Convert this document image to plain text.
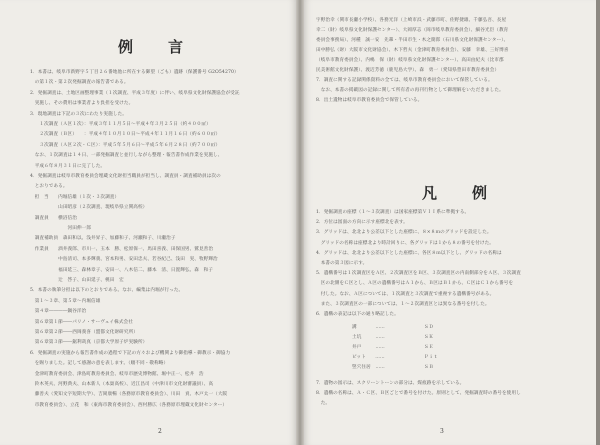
例　言
1．本書は、岐阜市新野字５丁目２６番地他に所在する御望（ごも）遺跡（保護番号 G2O54270）
　の第１次・第２次発掘調査の報告書である。
2．発掘調査は、土地区画整理事業（１次調査、平成３年度）に伴い、岐阜県文化財保護協会が受託
　実施し、その費用は事業者より負担を受けた。
3．現地調査は下記の３次にわたり実施した。
　　１次調査（Ａ区１次）：平成３年１１月５日～平成４年３月２５日（約４００㎡）
　　２次調査（Ｂ区）　　：平成４年１０月１０日～平成４年１１月１６日（約６００㎡）
　　３次調査（Ａ区２次・Ｃ区）：平成５年５月６日～平成５年６月２８日（約７００㎡）
　なお、１次調査は１４日、一部発掘調査と並行しながら整理・報告書作成作業を実施し、
　平成６年８月３１日に完了した。
4．発掘調査は岐阜市教育委員会埋蔵文化財担当職員が担当し、調査員・調査補助員は次の
　とおりである。
　担　当　　内堀信雄（１次・３次調査）
　　　　　　山田昭彦（２次調査、現岐阜県立関高校）
　調査員　　横沼信治
　　　　　　　　河田伸一郎
　調査補助員　森田和以、浅井昇子、加藤和子、河瀬和子、川瀬治子
　作業員　　酒井義郎、市川一、玉本　勝、松原保一、馬田喜義、田保国男、鷲見善治
　　　　　　中島清司、本多輝義、宮本和男、安田忠夫、若谷紀己、浅田　実、牧野輝治
　　　　　　福田延三、森林章子、安田一、八木信二、藤本　清、日置輝弘、森　和子
　　　　　　辻　啓子、山田延子、桃田　宏
5．本書の執筆分担は以下のとおりである。なお、編集は内堀が行った。
　第１～３章、第５章～内堀信雄
　第４章――――鍋谷洋治
　第６章第１節――パリノ・サーヴェイ株式会社
　第６章第２節――西岡義喜（盟都文化財研究所）
　第６章第３節――鋸利哉真（京都大学原子炉実験所）
6．発掘調査の実施から報告書作成の過程で下記の方々および機関より御指導・御教示・御協力
　を賜りました。記して感謝の意を表します。（順不同・敬称略）
　金津町教育委員会、津島町教育委員会、岐阜市歴史博物館、堀中正一、松井　浩
　鈴木英夫、河野典夫、山本新人（本巣高校）、近江昌司（中津川市文化財審議員）、高
　藤善夫（愛知文字短期大学）、吉岡康暢（各務原市教育委員会）、川田　貢、木戸太一（大阪
　市教育委員会）、立花　和（東海市教育委員会）、西村勝広（各務原市埋蔵文化財センター）
2
宇野治幸（関市長瀬小学校）、各務光洋（上崎市浜・武藤市町、佐野捷雄、千藤弘吾、長屋
幸二（財）岐阜県文化財保護センター）、大岡厚志（岡市岐阜教育委員会）、細谷光臣（教育
委員会事務局）、河種　誠一安　先輩・半田市生・木之簡郎（石川県文化財保護センター）、
田中勝弘（財）大阪市文化財協会）、木下哲夫（金津町教育委員会）、安藤　幸雄、三好博喜
（岐阜市教育委員会）、内嶋　保（財）岐阜県文化財保護センター）、高田由紀夫（比市郡
民美術館文化財保護）、渡辺芳徳（鹿児島大学）、森　勇一（愛知県豊田市教育委員会）
7．調査に関する記録関係資料の全ては、岐阜市教育委員会において保管している。
　なお、本書の掲載図の記録に関して所有者の再刊行物として御理解をいただきました。
8．出土遺物は岐阜市教育委員会で保管している。
凡　例
1．発掘調査の座標（１～３次調査）は国家座標第ＶＩＩ系に準拠する。
2．方位は図面の方向に示す座標北を表す。
3．グリッドは、北北より公差以下とした座標に、８×８ｍのグリッドを設定した。
　グリッドの名称は座標北より時計回りに、各グリッドは１から８の番号を付けた。
4．グリッドは、北北より公差以下とした座標に、各区８ｍ以下とし、グリッドの名称は
　本書の第３図に示す。
5．遺構番号は１次調査区をＡ区、２次調査区をＢ区、３次調査区の内南側部分をＡ区、３次調査
　区の北側をＣ区とし、Ａ区の遺構番号はＡ１から、Ｂ区はＢ１から、Ｃ区はＣ１から番号を
　付した。なお、Ａ区については、１次調査と３次調査で重複する遺構番号がある。
　また、３次調査区の一部については、１～２次調査区とは異なる番号を付した。
6．遺構の表記は以下の通り略記した。
溝　　　　……	ＳＤ
土坑　　　……	ＳＫ
井戸　　　……	ＳＥ
ピット　　……	Ｐｉｔ
竪穴住居　……	ＳＢ
7．遺物の図示は、スクリーントーンの部分は、煤痕跡を示している。
8．遺構の名称は、Ａ・Ｃ区、Ｂ区ごとで番号を付けた。原則として、発掘調査時の番号を使用し
　た。
3
